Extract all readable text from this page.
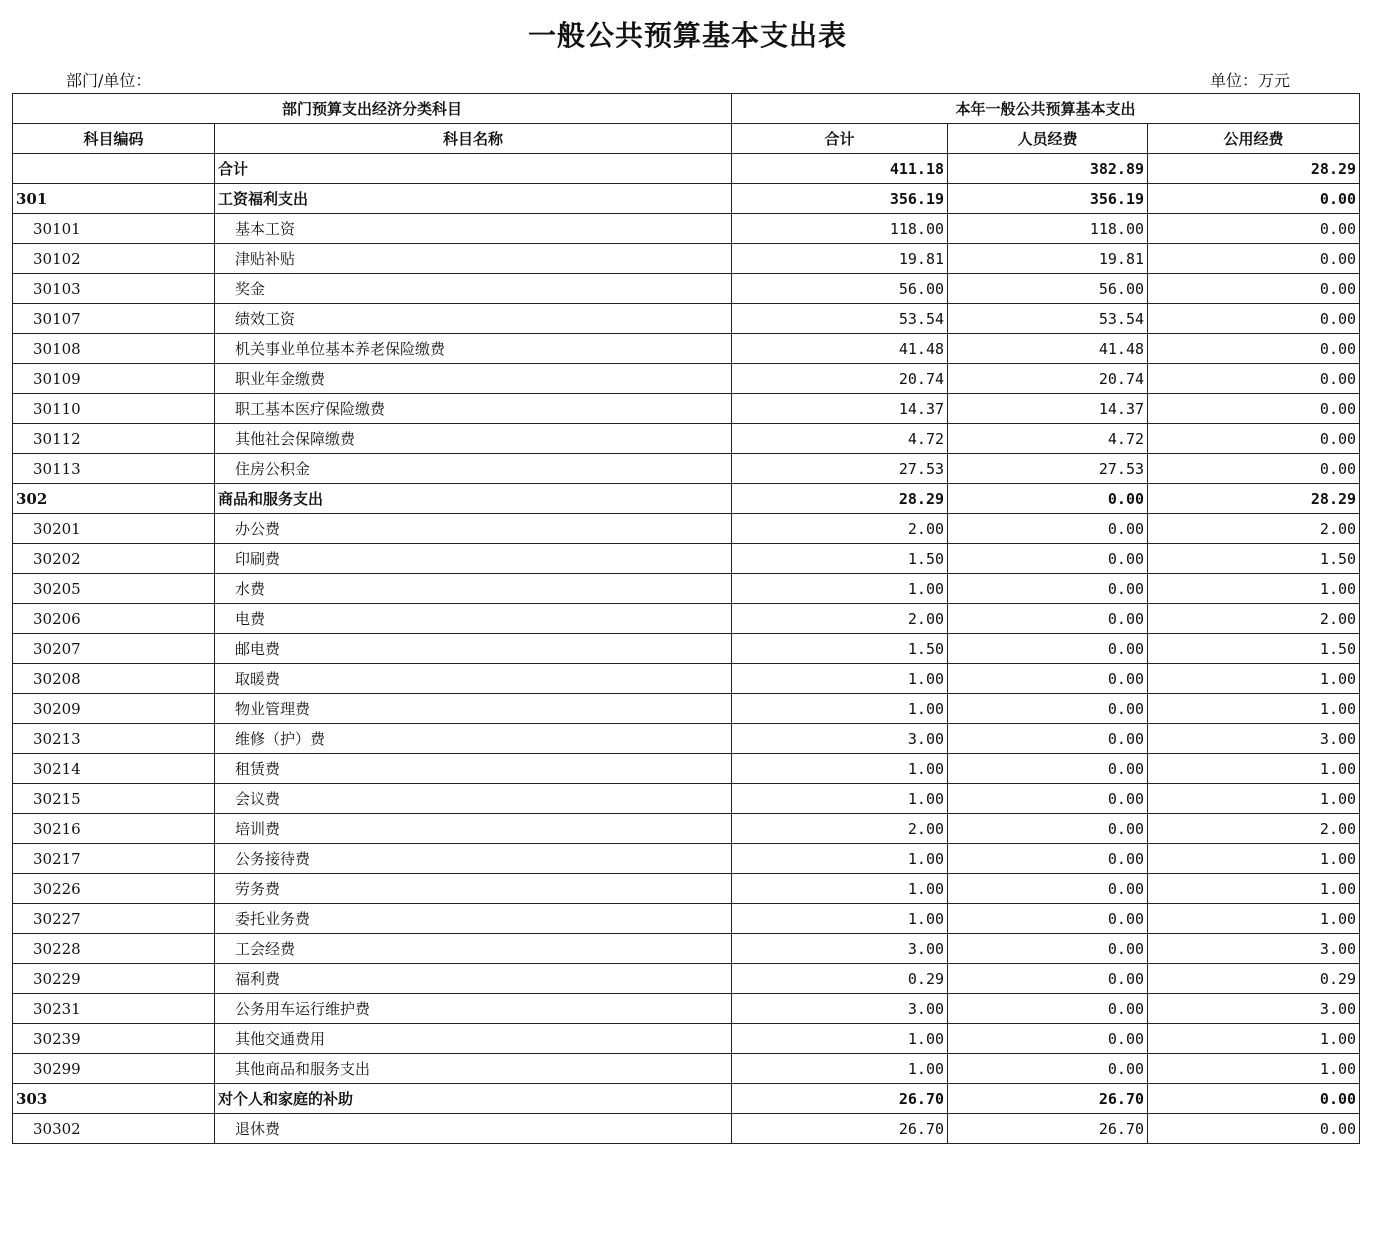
一般公共预算基本支出表
部门/单位：	单位：万元
部门预算支出经济分类科目		本年一般公共预算基本支出		
科目编码	科目名称	合计	人员经费	公用经费
	合计	411.18	382.89	28.29
301	工资福利支出	356.19	356.19	0.00
30101	基本工资	118.00	118.00	0.00
30102	津贴补贴	19.81	19.81	0.00
30103	奖金	56.00	56.00	0.00
30107	绩效工资	53.54	53.54	0.00
30108	机关事业单位基本养老保险缴费	41.48	41.48	0.00
30109	职业年金缴费	20.74	20.74	0.00
30110	职工基本医疗保险缴费	14.37	14.37	0.00
30112	其他社会保障缴费	4.72	4.72	0.00
30113	住房公积金	27.53	27.53	0.00
302	商品和服务支出	28.29	0.00	28.29
30201	办公费	2.00	0.00	2.00
30202	印刷费	1.50	0.00	1.50
30205	水费	1.00	0.00	1.00
30206	电费	2.00	0.00	2.00
30207	邮电费	1.50	0.00	1.50
30208	取暖费	1.00	0.00	1.00
30209	物业管理费	1.00	0.00	1.00
30213	维修（护）费	3.00	0.00	3.00
30214	租赁费	1.00	0.00	1.00
30215	会议费	1.00	0.00	1.00
30216	培训费	2.00	0.00	2.00
30217	公务接待费	1.00	0.00	1.00
30226	劳务费	1.00	0.00	1.00
30227	委托业务费	1.00	0.00	1.00
30228	工会经费	3.00	0.00	3.00
30229	福利费	0.29	0.00	0.29
30231	公务用车运行维护费	3.00	0.00	3.00
30239	其他交通费用	1.00	0.00	1.00
30299	其他商品和服务支出	1.00	0.00	1.00
303	对个人和家庭的补助	26.70	26.70	0.00
30302	退休费	26.70	26.70	0.00
